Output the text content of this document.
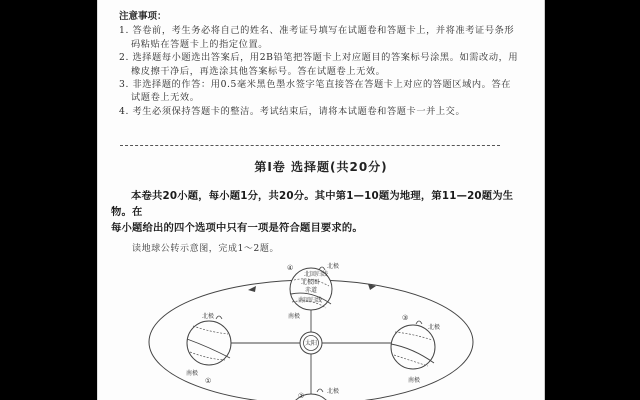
注意事项：
1. 答卷前，考生务必将自己的姓名、准考证号填写在试题卷和答题卡上，并将准考证号条形码粘贴在答题卡上的指定位置。
2. 选择题每小题选出答案后，用2B铅笔把答题卡上对应题目的答案标号涂黑。如需改动，用橡皮擦干净后，再选涂其他答案标号。答在试题卷上无效。
3. 非选择题的作答：用0.5毫米黑色墨水签字笔直接答在答题卡上对应的答题区域内。答在试题卷上无效。
4. 考生必须保持答题卡的整洁。考试结束后，请将本试题卷和答题卡一并上交。
第Ⅰ卷 选择题(共20分)
本卷共20小题，每小题1分，共20分。其中第1—10题为地理，第11—20题为生物。在
每小题给出的四个选项中只有一项是符合题目要求的。
读地球公转示意图，完成1～2题。
太阳
北回归线
北极圈
赤道
南回归线
④	北极
南极
北极
南极
①
③
北极
南极
北极
②
